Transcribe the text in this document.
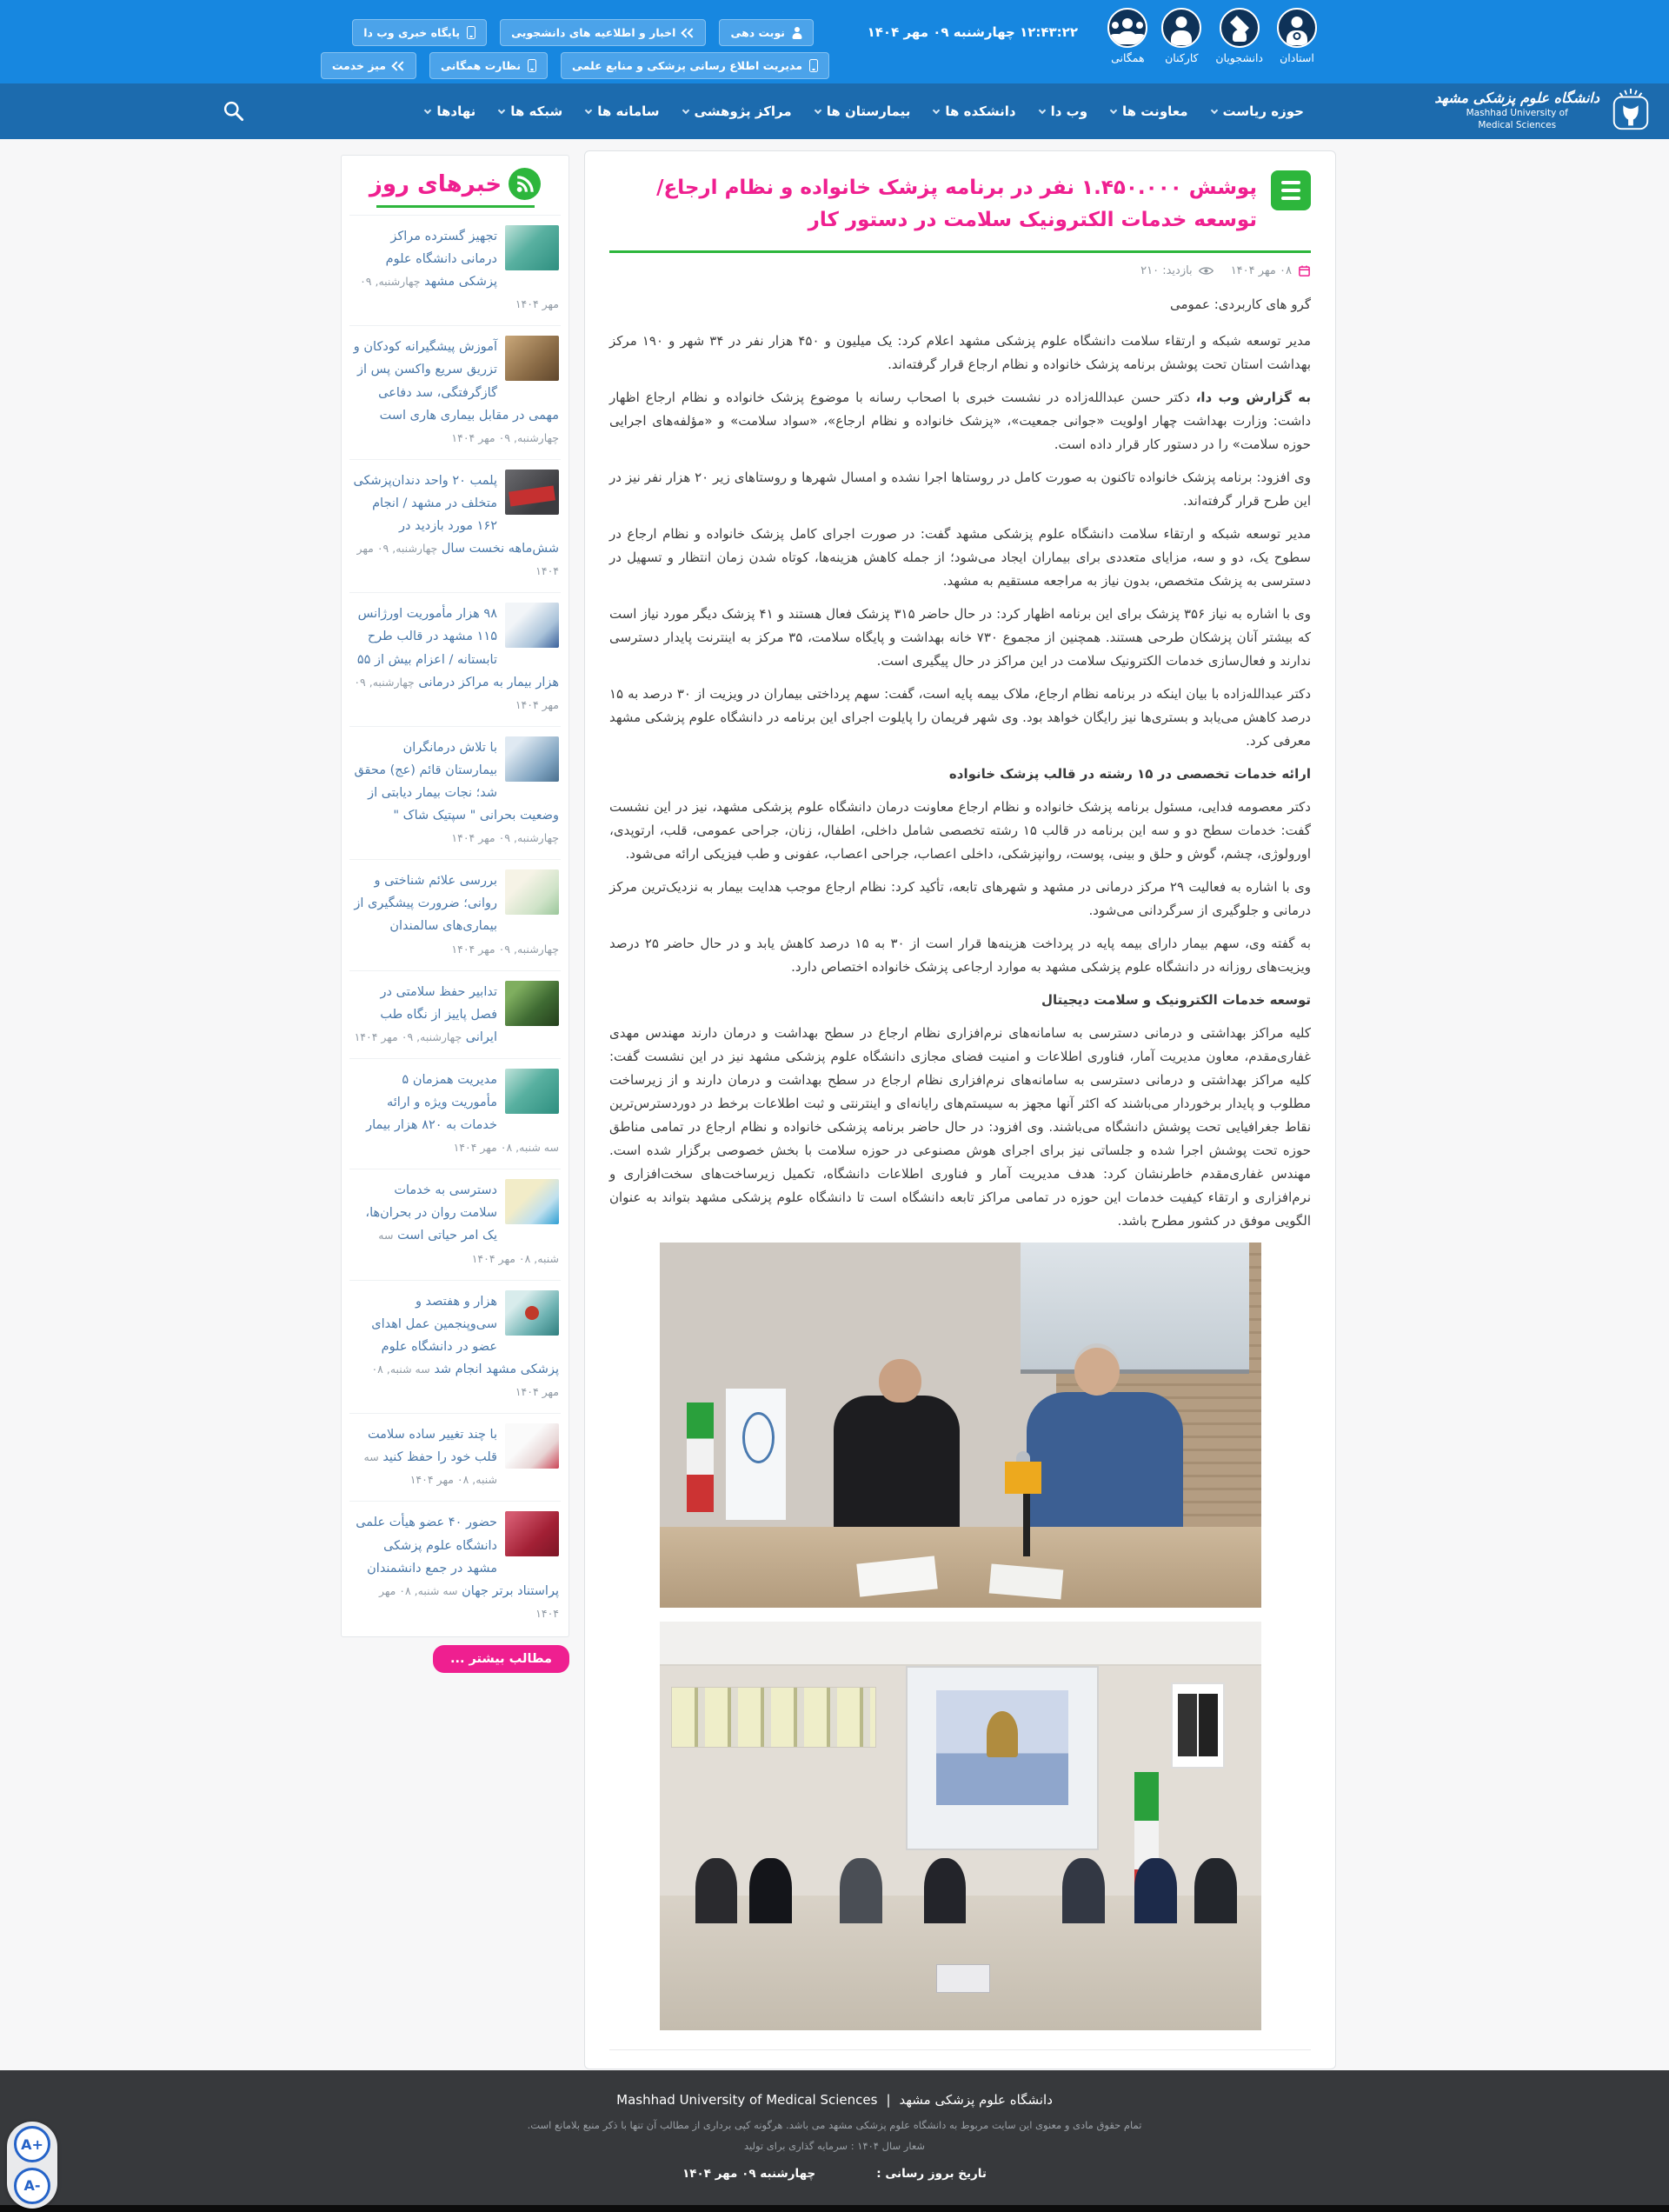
۱۲:۴۳:۲۲ چهارشنبه ۰۹ مهر ۱۴۰۴
استادان
دانشجویان
کارکنان
همگانی
نوبت دهی
اخبار و اطلاعیه های دانشجویی
پایگاه خبری وب دا
مدیریت اطلاع رسانی پزشکی و منابع علمی
نظارت همگانی
میز خدمت
دانشگاه علوم پزشکی مشهد
Mashhad University of
Medical Sciences
حوزه ریاست
معاونت ها
وب دا
دانشکده ها
بیمارستان ها
مراکز پژوهشی
سامانه ها
شبکه ها
نهادها
خبرهای روز
تجهیز گسترده مراکز درمانی دانشگاه علوم پزشکی مشهد چهارشنبه, ۰۹ مهر ۱۴۰۴
آموزش پیشگیرانه کودکان و تزریق سریع واکسن پس از گازگرفتگی، سد دفاعی مهمی در مقابل بیماری هاری است چهارشنبه, ۰۹ مهر ۱۴۰۴
پلمب ۲۰ واحد دندان‌پزشکی متخلف در مشهد / انجام ۱۶۲ مورد بازدید در شش‌ماهه نخست سال چهارشنبه, ۰۹ مهر ۱۴۰۴
۹۸ هزار مأموریت اورژانس ۱۱۵ مشهد در قالب طرح تابستانه / اعزام بیش از ۵۵ هزار بیمار به مراکز درمانی چهارشنبه, ۰۹ مهر ۱۴۰۴
با تلاش درمانگران بیمارستان قائم (عج) محقق شد؛ نجات بیمار دیابتی از وضعیت بحرانی " سپتیک شاک " چهارشنبه, ۰۹ مهر ۱۴۰۴
بررسی علائم شناختی و روانی؛ ضرورت پیشگیری از بیماری‌های سالمندان چهارشنبه, ۰۹ مهر ۱۴۰۴
تدابیر حفظ سلامتی در فصل پاییز از نگاه طب ایرانی چهارشنبه, ۰۹ مهر ۱۴۰۴
مدیریت همزمان ۵ مأموریت ویژه و ارائه خدمات به ۸۲۰ هزار بیمار سه شنبه, ۰۸ مهر ۱۴۰۴
دسترسی به خدمات سلامت روان در بحران‌ها، یک امر حیاتی است سه شنبه, ۰۸ مهر ۱۴۰۴
هزار و هفتصد و سی‌وپنجمین عمل اهدای عضو در دانشگاه علوم پزشکی مشهد انجام شد سه شنبه, ۰۸ مهر ۱۴۰۴
با چند تغییر ساده سلامت قلب خود را حفظ کنید سه شنبه, ۰۸ مهر ۱۴۰۴
حضور ۴۰ عضو هیأت علمی دانشگاه علوم پزشکی مشهد در جمع دانشمندان پراستناد برتر جهان سه شنبه, ۰۸ مهر ۱۴۰۴
مطالب بیشتر ...
پوشش ۱.۴۵۰.۰۰۰ نفر در برنامه پزشک خانواده و نظام ارجاع/ توسعه خدمات الکترونیک سلامت در دستور کار
۰۸ مهر ۱۴۰۴
بازدید: ۲۱۰
گرو های کاربردی: عمومی
مدیر توسعه شبکه و ارتقاء سلامت دانشگاه علوم پزشکی مشهد اعلام کرد: یک میلیون و ۴۵۰ هزار نفر در ۳۴ شهر و ۱۹۰ مرکز بهداشت استان تحت پوشش برنامه پزشک خانواده و نظام ارجاع قرار گرفته‌اند.
به گزارش وب دا، دکتر حسن عبدالله‌زاده در نشست خبری با اصحاب رسانه با موضوع پزشک خانواده و نظام ارجاع اظهار داشت: وزارت بهداشت چهار اولویت «جوانی جمعیت»، «پزشک خانواده و نظام ارجاع»، «سواد سلامت» و «مؤلفه‌های اجرایی حوزه سلامت» را در دستور کار قرار داده است.
وی افزود: برنامه پزشک خانواده تاکنون به صورت کامل در روستاها اجرا نشده و امسال شهرها و روستاهای زیر ۲۰ هزار نفر نیز در این طرح قرار گرفته‌اند.
مدیر توسعه شبکه و ارتقاء سلامت دانشگاه علوم پزشکی مشهد گفت: در صورت اجرای کامل پزشک خانواده و نظام ارجاع در سطوح یک، دو و سه، مزایای متعددی برای بیماران ایجاد می‌شود؛ از جمله کاهش هزینه‌ها، کوتاه شدن زمان انتظار و تسهیل در دسترسی به پزشک متخصص، بدون نیاز به مراجعه مستقیم به مشهد.
وی با اشاره به نیاز ۳۵۶ پزشک برای این برنامه اظهار کرد: در حال حاضر ۳۱۵ پزشک فعال هستند و ۴۱ پزشک دیگر مورد نیاز است که بیشتر آنان پزشکان طرحی هستند. همچنین از مجموع ۷۳۰ خانه بهداشت و پایگاه سلامت، ۳۵ مرکز به اینترنت پایدار دسترسی ندارند و فعال‌سازی خدمات الکترونیک سلامت در این مراکز در حال پیگیری است.
دکتر عبدالله‌زاده با بیان اینکه در برنامه نظام ارجاع، ملاک بیمه پایه است، گفت: سهم پرداختی بیماران در ویزیت از ۳۰ درصد به ۱۵ درصد کاهش می‌یابد و بستری‌ها نیز رایگان خواهد بود. وی شهر فریمان را پایلوت اجرای این برنامه در دانشگاه علوم پزشکی مشهد معرفی کرد.
ارائه خدمات تخصصی در ۱۵ رشته در قالب پزشک خانواده
دکتر معصومه فدایی، مسئول برنامه پزشک خانواده و نظام ارجاع معاونت درمان دانشگاه علوم پزشکی مشهد، نیز در این نشست گفت: خدمات سطح دو و سه این برنامه در قالب ۱۵ رشته تخصصی شامل داخلی، اطفال، زنان، جراحی عمومی، قلب، ارتوپدی، اورولوژی، چشم، گوش و حلق و بینی، پوست، روانپزشکی، داخلی اعصاب، جراحی اعصاب، عفونی و طب فیزیکی ارائه می‌شود.
وی با اشاره به فعالیت ۲۹ مرکز درمانی در مشهد و شهرهای تابعه، تأکید کرد: نظام ارجاع موجب هدایت بیمار به نزدیک‌ترین مرکز درمانی و جلوگیری از سرگردانی می‌شود.
به گفته وی، سهم بیمار دارای بیمه پایه در پرداخت هزینه‌ها قرار است از ۳۰ به ۱۵ درصد کاهش یابد و در حال حاضر ۲۵ درصد ویزیت‌های روزانه در دانشگاه علوم پزشکی مشهد به موارد ارجاعی پزشک خانواده اختصاص دارد.
توسعه خدمات الکترونیک و سلامت دیجیتال
کلیه مراکز بهداشتی و درمانی دسترسی به سامانه‌های نرم‌افزاری نظام ارجاع در سطح بهداشت و درمان دارند مهندس مهدی غفاری‌مقدم، معاون مدیریت آمار، فناوری اطلاعات و امنیت فضای مجازی دانشگاه علوم پزشکی مشهد نیز در این نشست گفت: کلیه مراکز بهداشتی و درمانی دسترسی به سامانه‌های نرم‌افزاری نظام ارجاع در سطح بهداشت و درمان دارند و از زیرساخت مطلوب و پایدار برخوردار می‌باشند که اکثر آنها مجهز به سیستم‌های رایانه‌ای و اینترنتی و ثبت اطلاعات برخط در دوردسترس‌ترین نقاط جغرافیایی تحت پوشش دانشگاه می‌باشند. وی افزود: در حال حاضر برنامه پزشکی خانواده و نظام ارجاع در تمامی مناطق حوزه تحت پوشش اجرا شده و جلساتی نیز برای اجرای هوش مصنوعی در حوزه سلامت با بخش خصوصی برگزار شده است. مهندس غفاری‌مقدم خاطرنشان کرد: هدف مدیریت آمار و فناوری اطلاعات دانشگاه، تکمیل زیرساخت‌های سخت‌افزاری و نرم‌افزاری و ارتقاء کیفیت خدمات این حوزه در تمامی مراکز تابعه دانشگاه است تا دانشگاه علوم پزشکی مشهد بتواند به عنوان الگویی موفق در کشور مطرح باشد.
دانشگاه علوم پزشکی مشهد
|
Mashhad University of Medical Sciences
تمام حقوق مادی و معنوی این سایت مربوط به دانشگاه علوم پزشکی مشهد می باشد. هرگونه کپی برداری از مطالب آن تنها با ذکر منبع بلامانع است.
شعار سال ۱۴۰۴ : سرمایه گذاری برای تولید
تاریخ بروز رسانی :
چهارشنبه ۰۹ مهر ۱۴۰۴
A+
A-
